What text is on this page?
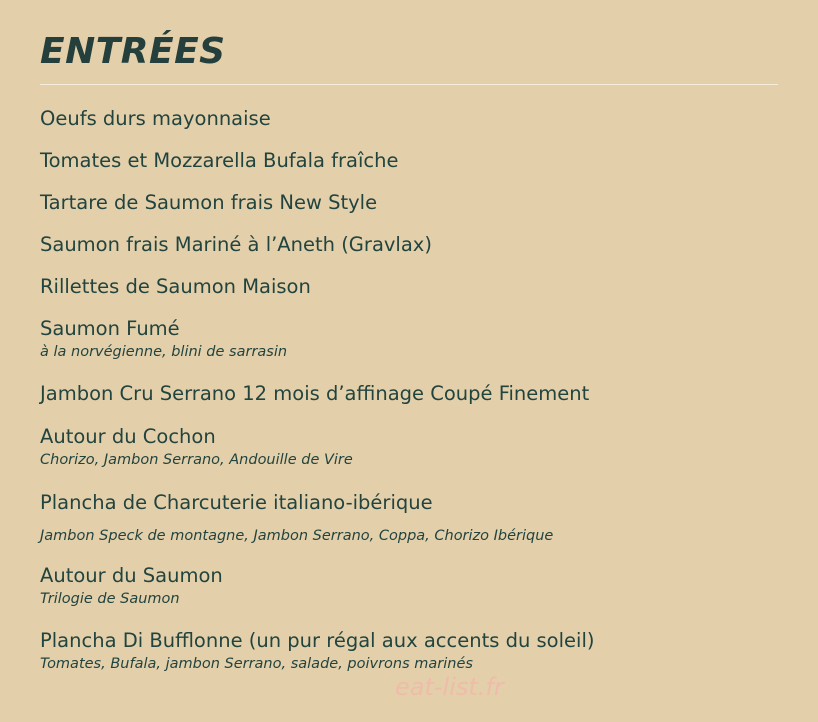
ENTRÉES
Oeufs durs mayonnaise
Tomates et Mozzarella Bufala fraîche
Tartare de Saumon frais New Style
Saumon frais Mariné à l’Aneth (Gravlax)
Rillettes de Saumon Maison
Saumon Fumé
à la norvégienne, blini de sarrasin
Jambon Cru Serrano 12 mois d’affinage Coupé Finement
Autour du Cochon
Chorizo, Jambon Serrano, Andouille de Vire
Plancha de Charcuterie italiano-ibérique
Jambon Speck de montagne, Jambon Serrano, Coppa, Chorizo Ibérique
Autour du Saumon
Trilogie de Saumon
Plancha Di Bufflonne (un pur régal aux accents du soleil)
Tomates, Bufala, jambon Serrano, salade, poivrons marinés
eat-list.fr
